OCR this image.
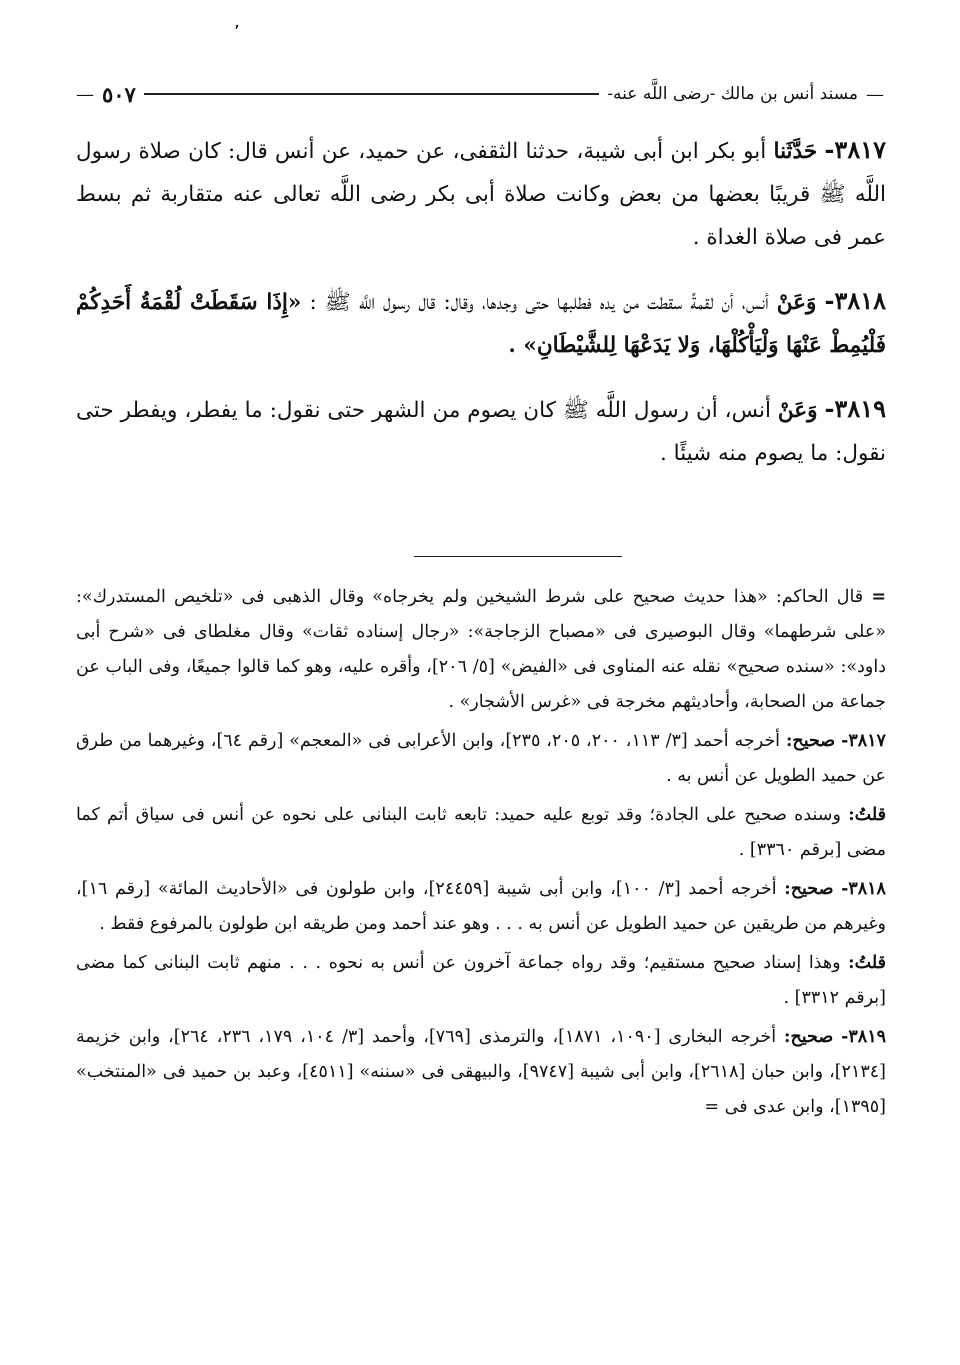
٬
—
مسند أنس بن مالك -رضى اللَّه عنه-
٥٠٧
—

٣٨١٧- حَدَّثَنا أبو بكر ابن أبى شيبة، حدثنا الثقفى، عن حميد، عن أنس قال: كان صلاة رسول اللَّه ﷺ قريبًا بعضها من بعض وكانت صلاة أبى بكر رضى اللَّه تعالى عنه متقاربة ثم بسط عمر فى صلاة الغداة .

٣٨١٨- وَعَنْ أنس، أن لقمةً سقطت من يده فطلبها حتى وجدها، وقال: قال رسول اللَّه ﷺ : «إِذَا سَقَطَتْ لُقْمَةُ أَحَدِكُمْ فَلْيُمِطْ عَنْهَا وَلْيَأْكُلْهَا، وَلا يَدَعْهَا لِلشَّيْطَانِ» .

٣٨١٩- وَعَنْ أنس، أن رسول اللَّه ﷺ كان يصوم من الشهر حتى نقول: ما يفطر، ويفطر حتى نقول: ما يصوم منه شيئًا .

= قال الحاكم: «هذا حديث صحيح على شرط الشيخين ولم يخرجاه» وقال الذهبى فى «تلخيص المستدرك»: «على شرطهما» وقال البوصيرى فى «مصباح الزجاجة»: «رجال إسناده ثقات» وقال مغلطاى فى «شرح أبى داود»: «سنده صحيح» نقله عنه المناوى فى «الفيض» [٥/ ٢٠٦]، وأقره عليه، وهو كما قالوا جميعًا، وفى الباب عن جماعة من الصحابة، وأحاديثهم مخرجة فى «غرس الأشجار» .

٣٨١٧- صحيح: أخرجه أحمد [٣/ ١١٣، ٢٠٠، ٢٠٥، ٢٣٥]، وابن الأعرابى فى «المعجم» [رقم ٦٤]، وغيرهما من طرق عن حميد الطويل عن أنس به .

قلتُ: وسنده صحيح على الجادة؛ وقد توبع عليه حميد: تابعه ثابت البنانى على نحوه عن أنس فى سياق أتم كما مضى [برقم ٣٣٦٠] .

٣٨١٨- صحيح: أخرجه أحمد [٣/ ١٠٠]، وابن أبى شيبة [٢٤٤٥٩]، وابن طولون فى «الأحاديث المائة» [رقم ١٦]، وغيرهم من طريقين عن حميد الطويل عن أنس به . . . وهو عند أحمد ومن طريقه ابن طولون بالمرفوع فقط .

قلتُ: وهذا إسناد صحيح مستقيم؛ وقد رواه جماعة آخرون عن أنس به نحوه . . . منهم ثابت البنانى كما مضى [برقم ٣٣١٢] .

٣٨١٩- صحيح: أخرجه البخارى [١٠٩٠، ١٨٧١]، والترمذى [٧٦٩]، وأحمد [٣/ ١٠٤، ١٧٩، ٢٣٦، ٢٦٤]، وابن خزيمة [٢١٣٤]، وابن حبان [٢٦١٨]، وابن أبى شيبة [٩٧٤٧]، والبيهقى فى «سننه» [٤٥١١]، وعبد بن حميد فى «المنتخب» [١٣٩٥]، وابن عدى فى =
